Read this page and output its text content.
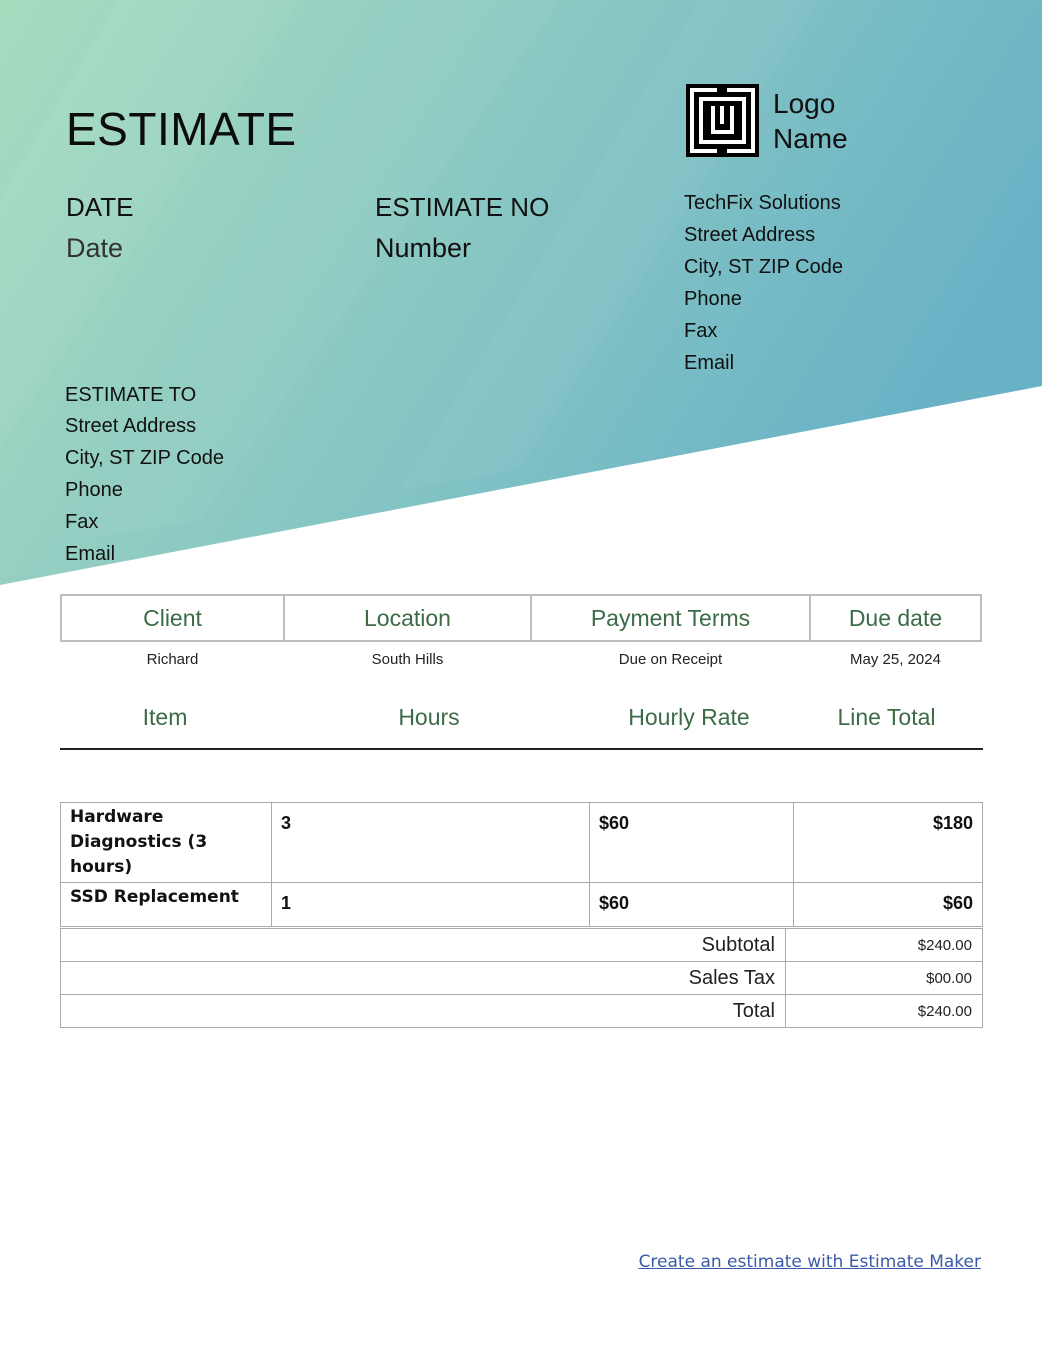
ESTIMATE
DATE
Date
ESTIMATE NO
Number
Logo
Name
TechFix Solutions
Street Address
City, ST ZIP Code
Phone
Fax
Email
ESTIMATE TO
Street Address
City, ST ZIP Code
Phone
Fax
Email
Client	Location	Payment Terms	Due date
Richard	South Hills	Due on Receipt	May 25, 2024
Item	Hours	Hourly Rate	Line Total
Hardware
Diagnostics (3 hours)	3	$60	$180

SSD Replacement	1	$60	$60
Subtotal	$240.00
Sales Tax	$00.00
Total	$240.00
Create an estimate with Estimate Maker
